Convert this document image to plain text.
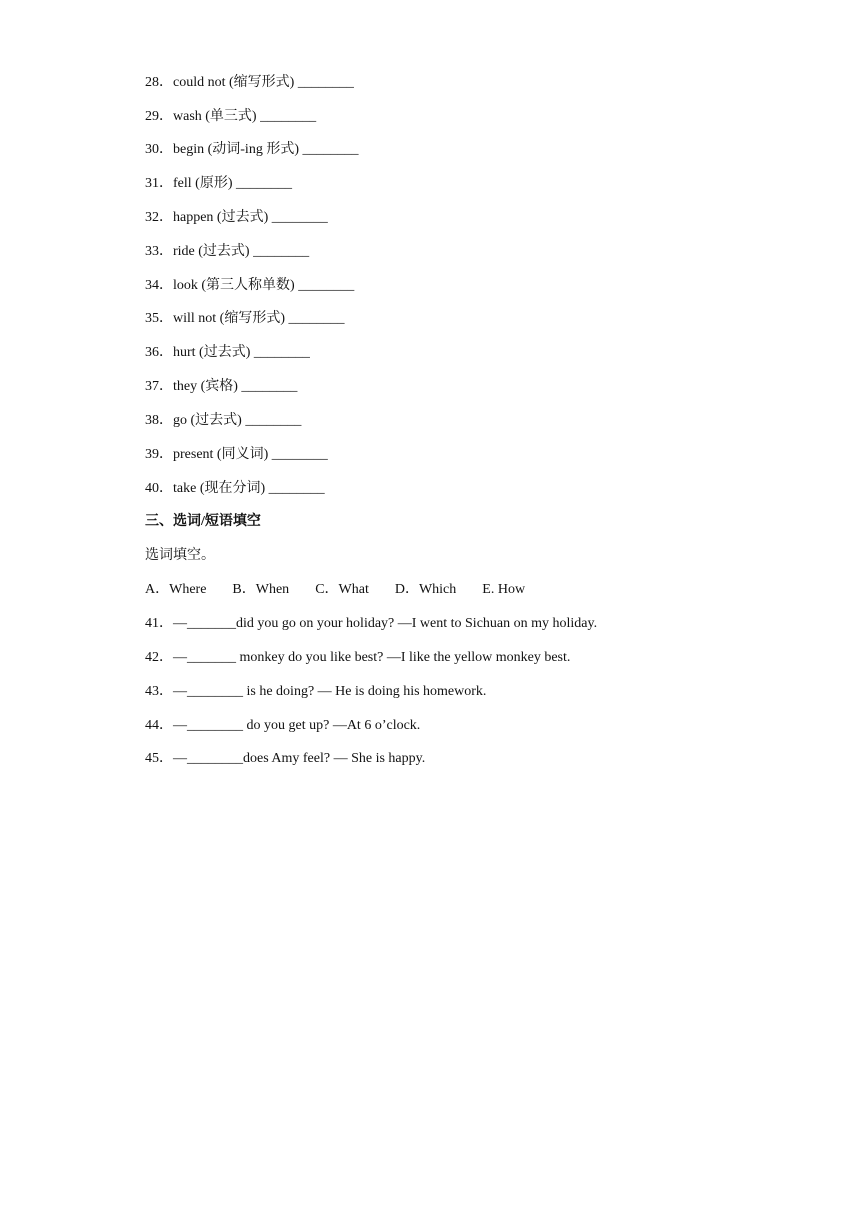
28．could not (缩写形式) ________
29．wash (单三式) ________
30．begin (动词-ing 形式) ________
31．fell (原形) ________
32．happen (过去式) ________
33．ride (过去式) ________
34．look (第三人称单数) ________
35．will not (缩写形式) ________
36．hurt (过去式) ________
37．they (宾格) ________
38．go (过去式) ________
39．present (同义词) ________
40．take (现在分词) ________
三、选词/短语填空
选词填空。
A．Where B．When C．What D．Which E. How
41．—_______did you go on your holiday? —I went to Sichuan on my holiday.
42．—_______ monkey do you like best? —I like the yellow monkey best.
43．—________ is he doing? — He is doing his homework.
44．—________ do you get up? —At 6 o’clock.
45．—________does Amy feel? — She is happy.
